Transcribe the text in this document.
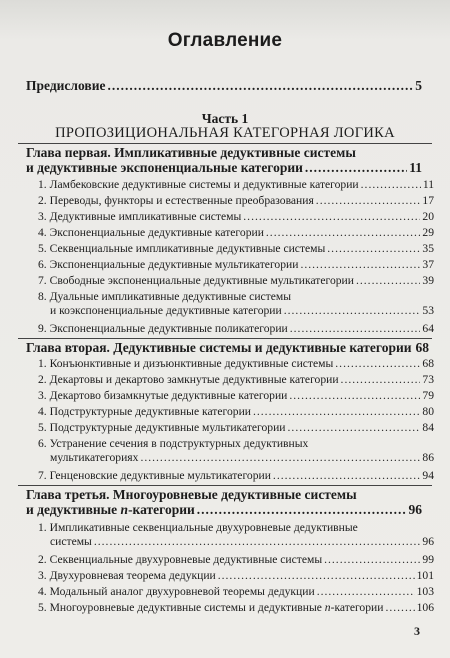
Оглавление
Предисловие .....	5
Часть 1
ПРОПОЗИЦИОНАЛЬНАЯ КАТЕГОРНАЯ ЛОГИКА
Глава первая. Импликативные дедуктивные системы
и дедуктивные экспоненциальные категории .....	11
1. Ламбековские дедуктивные системы и дедуктивные категории .....	11
2. Переводы, функторы и естественные преобразования .....	17
3. Дедуктивные импликативные системы .....	20
4. Экспоненциальные дедуктивные категории .....	29
5. Секвенциальные импликативные дедуктивные системы .....	35
6. Экспоненциальные дедуктивные мультикатегории .....	37
7. Свободные экспоненциальные дедуктивные мультикатегории .....	39
8. Дуальные импликативные дедуктивные системы
и коэкспоненциальные дедуктивные категории .....	53
9. Экспоненциальные дедуктивные поликатегории .....	64
Глава вторая. Дедуктивные системы и дедуктивные категории 68
1. Конъюнктивные и дизъюнктивные дедуктивные системы .....	68
2. Декартовы и декартово замкнутые дедуктивные категории .....	73
3. Декартово бизамкнутые дедуктивные категории .....	79
4. Подструктурные дедуктивные категории .....	80
5. Подструктурные дедуктивные мультикатегории .....	84
6. Устранение сечения в подструктурных дедуктивных
мультикатегориях .....	86
7. Генценовские дедуктивные мультикатегории .....	94
Глава третья. Многоуровневые дедуктивные системы
и дедуктивные n-категории .....	96
1. Импликативные секвенциальные двухуровневые дедуктивные
системы .....	96
2. Секвенциальные двухуровневые дедуктивные системы .....	99
3. Двухуровневая теорема дедукции .....	101
4. Модальный аналог двухуровневой теоремы дедукции .....	103
5. Многоуровневые дедуктивные системы и дедуктивные n-категории .....	106
3
